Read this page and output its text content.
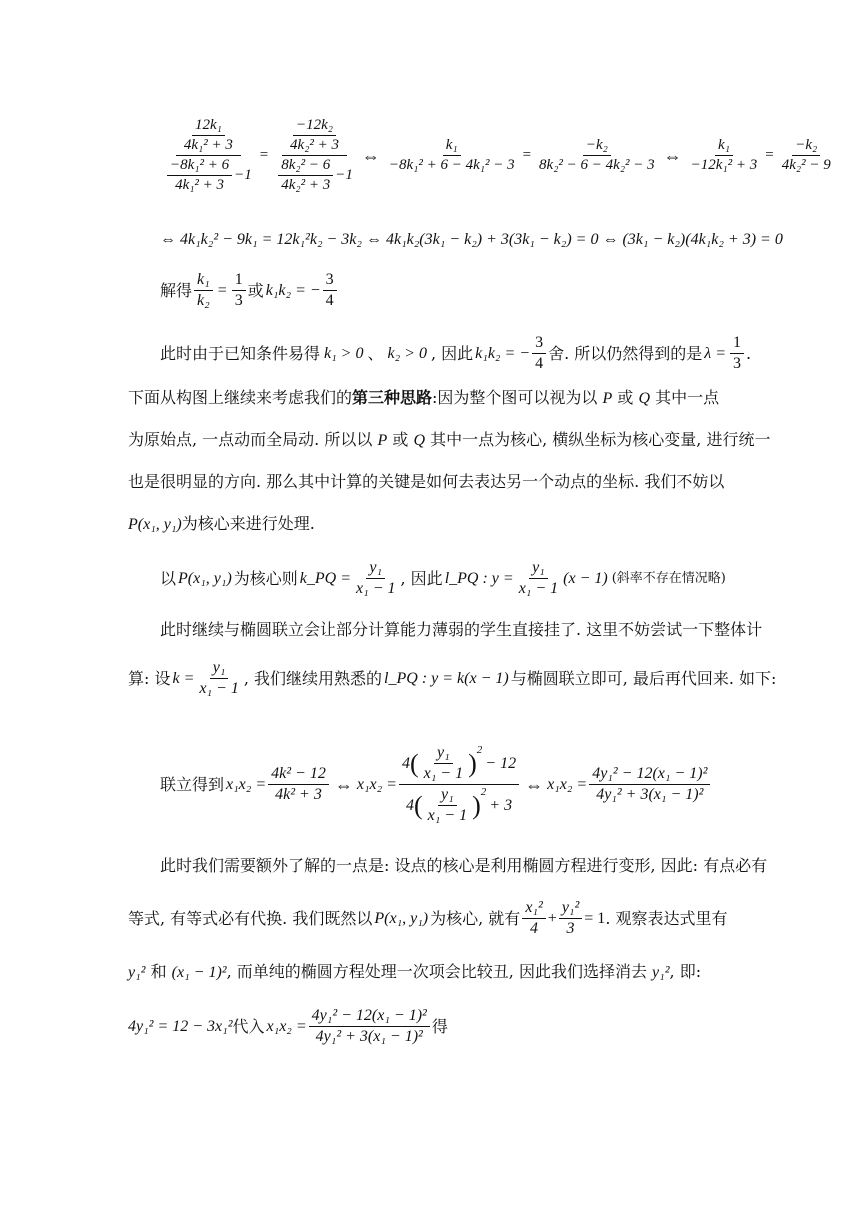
$\frac{\frac{\text{12k₁}}{\text{4k₁² + 3}}}{\frac{\text{−8k₁² + 6}}{\text{4k₁² + 3}} -1} = \frac{\frac{\text{−12k₂}}{\text{4k₂² + 3}}}{\frac{\text{8k₂² − 6}}{\text{4k₂² + 3}} -1}$ ⇔ $\frac{\text{k₁}}{\text{−8k₁² + 6 − 4k₁² − 3}} = \frac{\text{−k₂}}{\text{8k₂² − 6 − 4k₂² − 3}}$ ⇔ $\frac{\text{k₁}}{\text{−12k₁² + 3}} = \frac{\text{−k₂}}{\text{4k₂² − 9}}$
⇔ 4k₁k₂² − 9k₁ = 12k₁²k₂ − 3k₂ ⇔ 4k₁k₂(3k₁ − k₂) + 3(3k₁ − k₂) = 0 ⇔ (3k₁ − k₂)(4k₁k₂ + 3) = 0
解得 $\frac{\text{k₁}}{\text{k₂}} = \frac{1}{3}$ 或 k₁k₂ = − $\frac{3}{4}$
此时由于已知条件易得 k₁ > 0 、 k₂ > 0 , 因此 k₁k₂ = − $\frac{3}{4}$ 舍. 所以仍然得到的是 $\lambda = \frac{1}{3}$ .
下面从构图上继续来考虑我们的第三种思路:因为整个图可以视为以 P 或 Q 其中一点
为原始点, 一点动而全局动. 所以以 P 或 Q 其中一点为核心, 横纵坐标为核心变量, 进行统一
也是很明显的方向. 那么其中计算的关键是如何去表达另一个动点的坐标. 我们不妨以
P(x₁, y₁)为核心来进行处理.
以 P(x₁, y₁) 为核心则 k_PQ = $\frac{\text{y₁}}{\text{x₁ − 1}}$ , 因此 l_PQ : $y = \frac{\text{y₁}}{\text{x₁ − 1}} (x - 1)$ (斜率不存在情况略)
此时继续与椭圆联立会让部分计算能力薄弱的学生直接挂了. 这里不妨尝试一下整体计
算: 设 $k = \frac{\text{y₁}}{\text{x₁ − 1}}$ , 我们继续用熟悉的 l_PQ : y = k(x − 1) 与椭圆联立即可, 最后再代回来. 如下:
联立得到 $x_1x_2 = \frac{\text{4k² − 12}}{\text{4k² + 3}}$ ⇔ x₁x₂ = 4 ( $\frac{\text{y₁}}{\text{x₁ − 1}} )^2$
− 12
4 ( $\frac{\text{y₁}}{\text{x₁ − 1}} )^2$
+ 3 ⇔ $x_1x_2 = \frac{\text{4y₁² − 12(x₁ − 1)²}}{\text{4y₁² + 3(x₁ − 1)²}}$
此时我们需要额外了解的一点是: 设点的核心是利用椭圆方程进行变形, 因此: 有点必有
等式, 有等式必有代换. 我们既然以 P(x₁, y₁) 为核心, 就有 $\frac{\text{x₁²}}{4} + \frac{\text{y₁²}}{3} = 1$ . 观察表达式里有
y₁² 和 (x₁ − 1)², 而单纯的椭圆方程处理一次项会比较丑, 因此我们选择消去 y₁², 即:
4y₁² = 12 − 3x₁² 代入 $x_1x_2 = \frac{\text{4y₁² − 12(x₁ − 1)²}}{\text{4y₁² + 3(x₁ − 1)²}}$ 得
